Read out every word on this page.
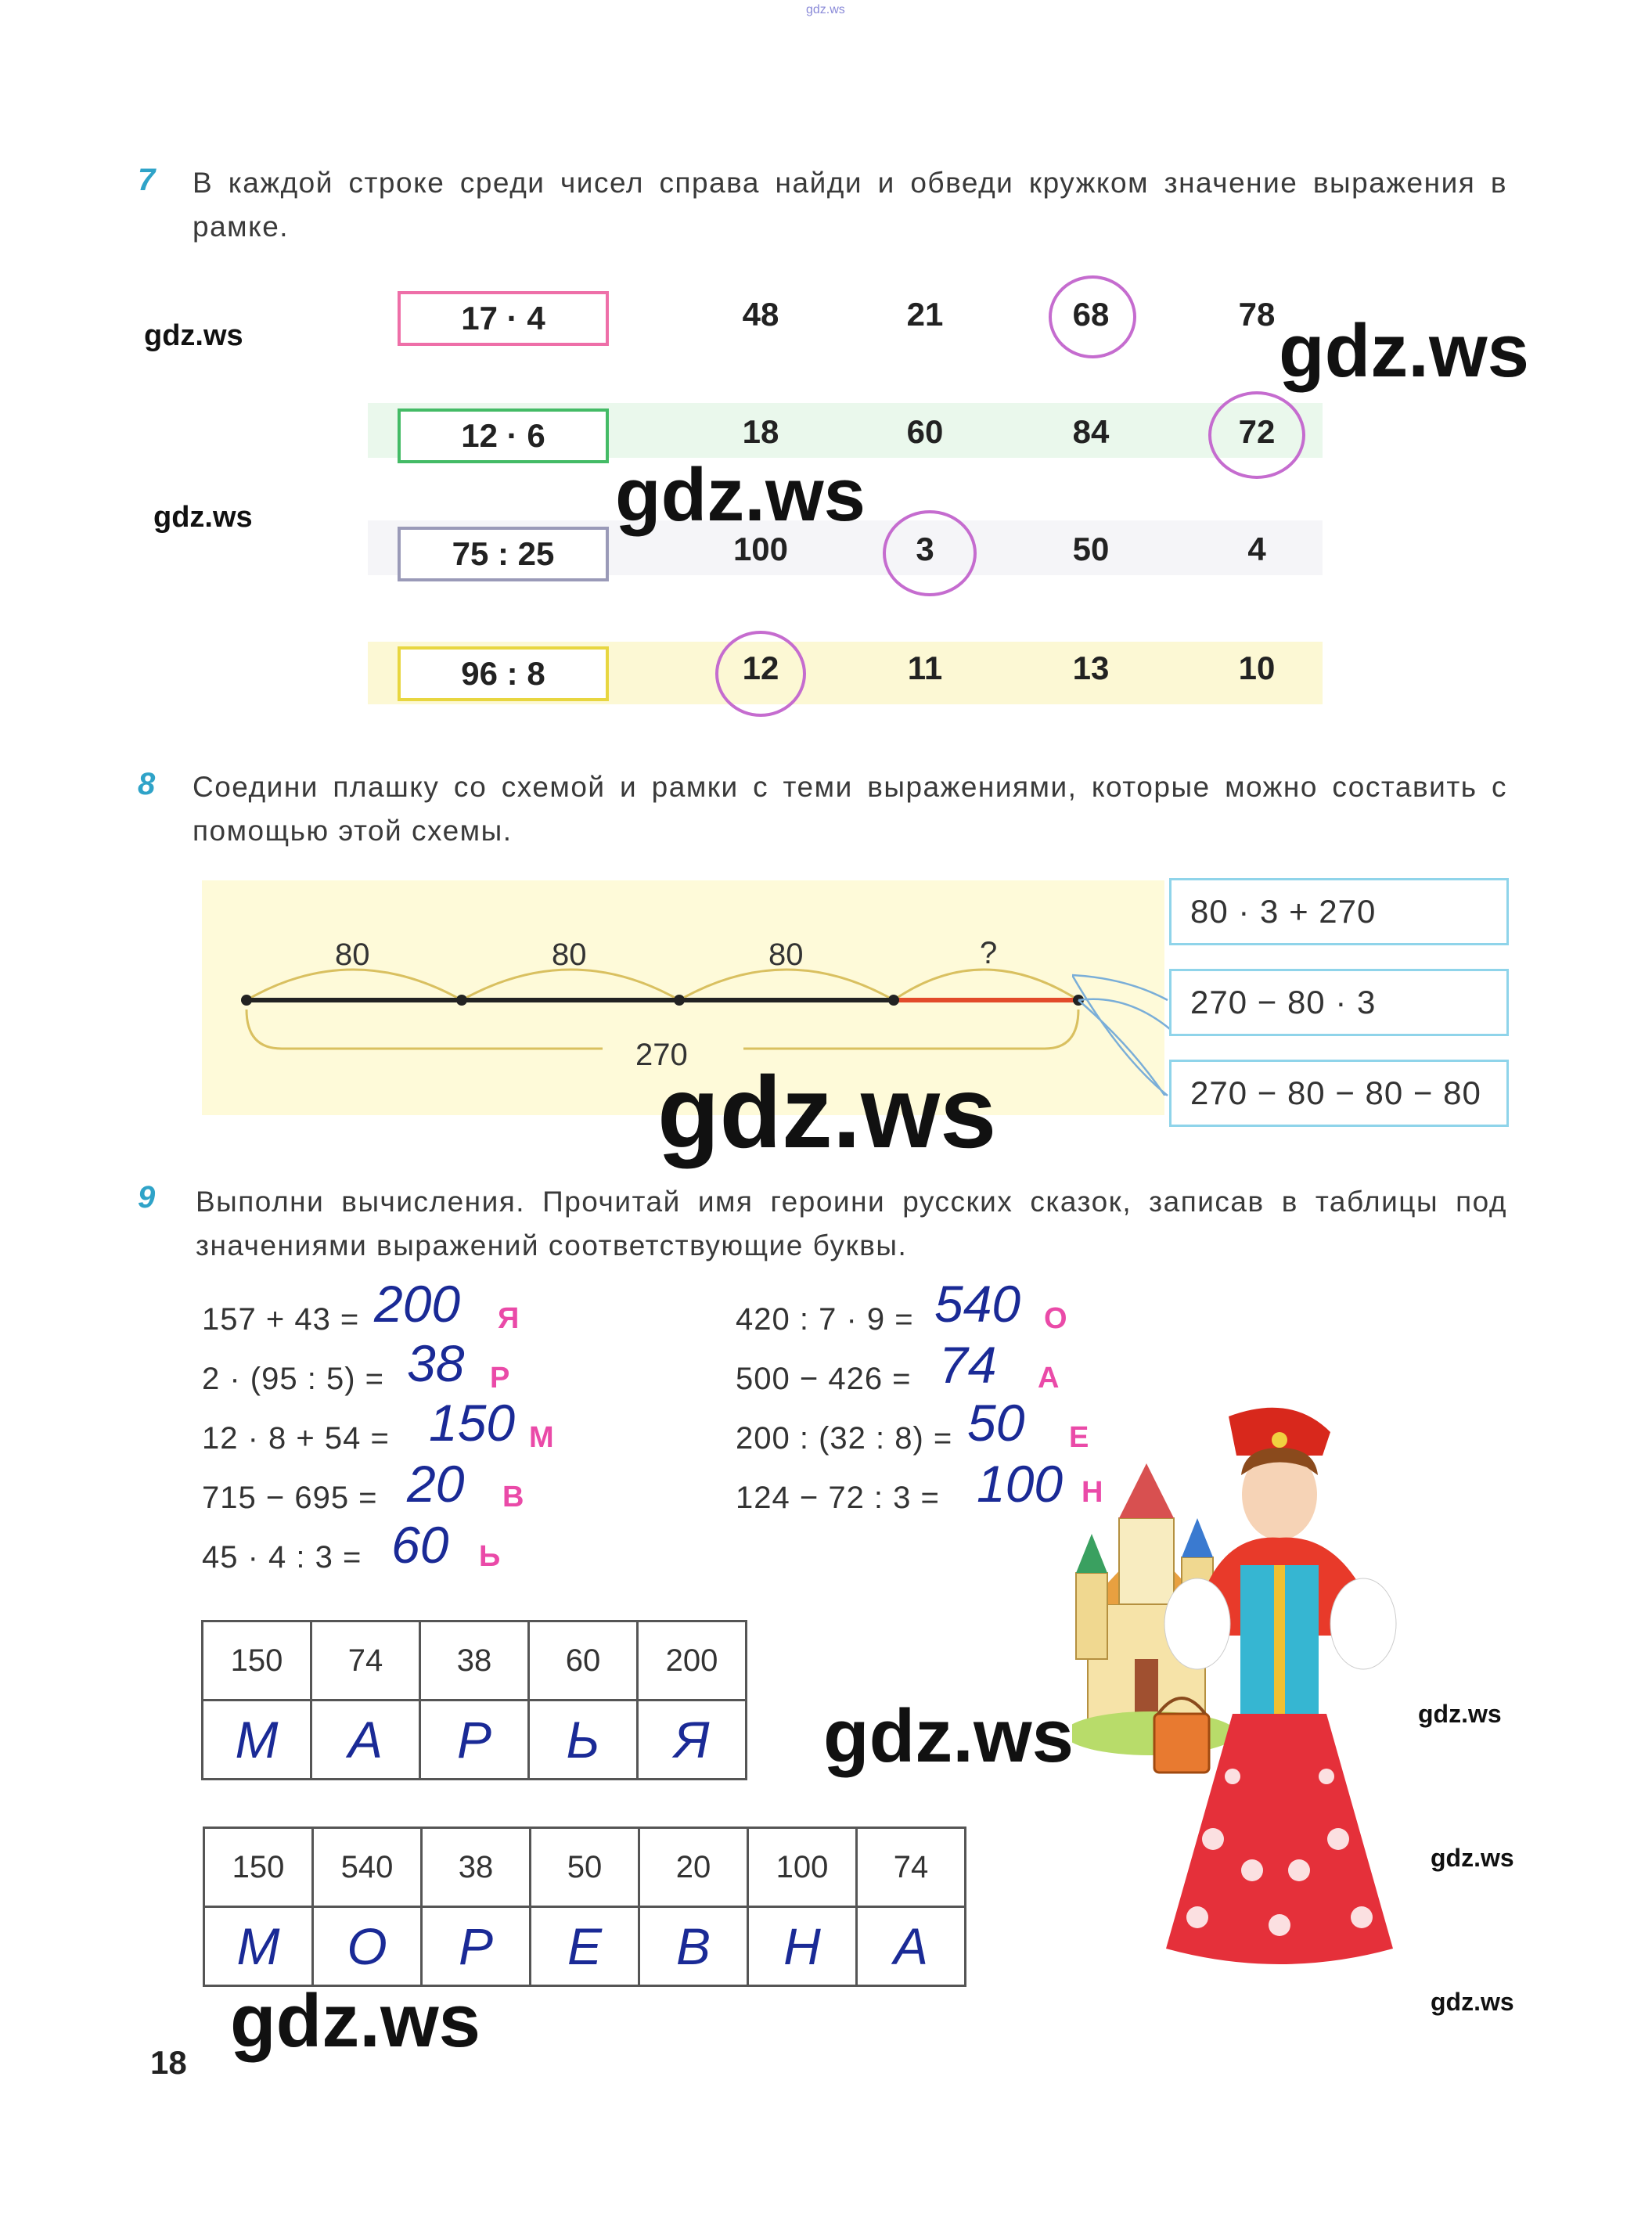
gdz.ws
7 В каждой строке среди чисел справа найди и обведи кружком значение выражения в рамке.
17 · 4	48	21	68	78
12 · 6	18	60	84	72
75 : 25	100	3	50	4
96 : 8	12	11	13	10
8 Соедини плашку со схемой и рамки с теми выражениями, которые можно составить с помощью этой схемы.
80	80	80	?
270
80 · 3 + 270
270 − 80 · 3
270 − 80 − 80 − 80
9 Выполни вычисления. Прочитай имя героини русских сказок, записав в таблицы под значениями выражений соответствующие буквы.
157 + 43 = 200 Я
2 · (95 : 5) = 38 Р
12 · 8 + 54 = 150 М
715 − 695 = 20 В
45 · 4 : 3 = 60 Ь
420 : 7 · 9 = 540 О
500 − 426 = 74 А
200 : (32 : 8) = 50 Е
124 − 72 : 3 = 100 Н
150	74	38	60	200
М	А	Р	Ь	Я
150	540	38	50	20	100	74
М	О	Р	Е	В	Н	А
gdz.ws	gdz.ws
gdz.ws	gdz.ws
gdz.ws
gdz.ws	gdz.ws
gdz.ws
gdz.ws
gdz.ws
18
